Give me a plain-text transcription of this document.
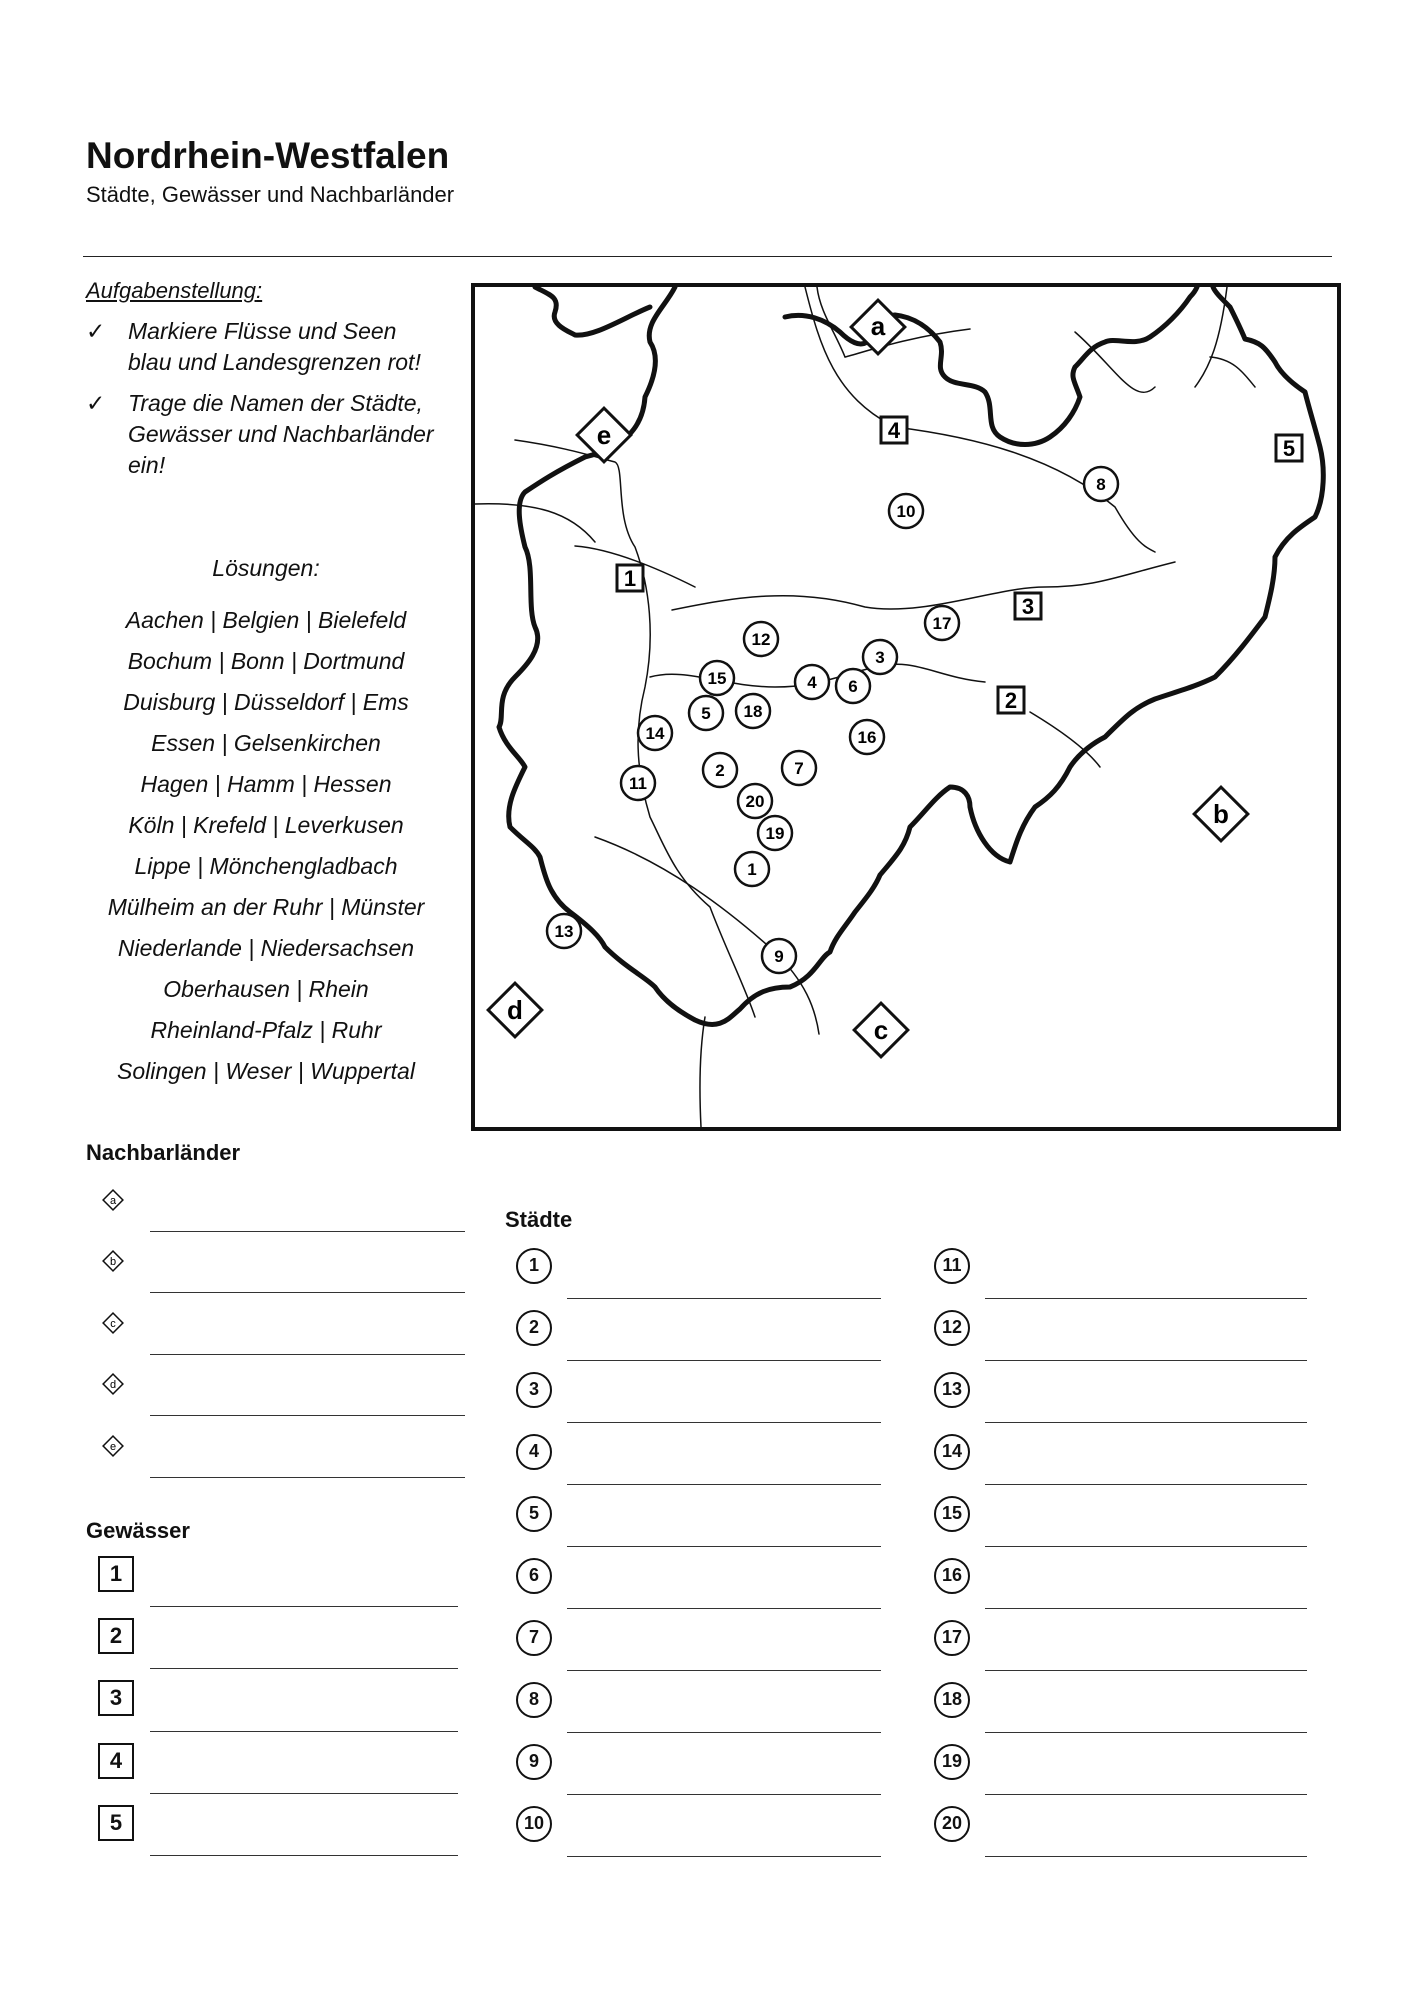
Nordrhein-Westfalen
Städte, Gewässer und Nachbarländer
Aufgabenstellung:
✓ Markiere Flüsse und Seen blau und Landesgrenzen rot!
✓ Trage die Namen der Städte, Gewässer und Nachbarländer ein!
Lösungen:
Aachen | Belgien | Bielefeld
Bochum | Bonn | Dortmund
Duisburg | Düsseldorf | Ems
Essen | Gelsenkirchen
Hagen | Hamm | Hessen
Köln | Krefeld | Leverkusen
Lippe | Mönchengladbach
Mülheim an der Ruhr | Münster
Niederlande | Niedersachsen
Oberhausen | Rhein
Rheinland-Pfalz | Ruhr
Solingen | Weser | Wuppertal
a
b
c
d
e
1
2
3
4
5
1
2
3
4
5
6
7
8
9
10
11
12
13
14
15
16
17
18
19
20
Nachbarländer
a
b
c
d
e
Gewässer
1
2
3
4
5
Städte
1
2
3
4
5
6
7
8
9
10
11
12
13
14
15
16
17
18
19
20
